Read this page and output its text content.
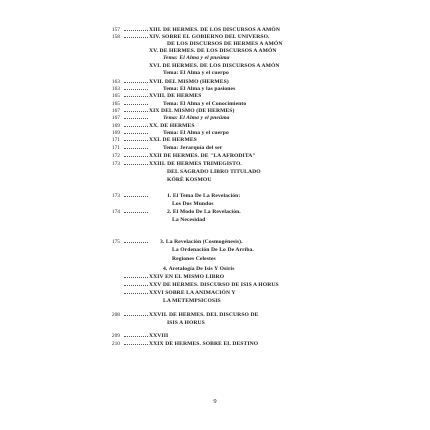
157	XIII. DE HERMES. DE LOS DISCURSOS A AMÓN
158	XIV. SOBRE EL GOBIERNO DEL UNIVERSO.
DE LOS DISCURSOS DE HERMES A AMÓN
XV. DE HERMES. DE LOS DISCURSOS A AMÓN
Tema: El Alma y el pneüma
XVI. DE HERMES. DE LOS DISCURSOS A AMÓN
Tema: El Alma y el cuerpo
163	XVII. DEL MISMO (HERMES)
163	Tema: El Alma y las pasiones
165	XVIII. DE HERMES
165	Tema: El Alma y el Conocimiento
167	XIX DEL MISMO (DE HERMES)
167	Tema: El Alma y el pneüma
169	XX. DE HERMES
169	Tema: El Alma y el cuerpo
171	XXI. DE HERMES
171	Tema: Jerarquía del ser
172	XXII DE HERMES. DE "LA AFRODITA"
173	XXIII. DE HERMES TRIMEGISTO.
DEL SAGRADO LIBRO TITULADO
KÓRÈ KOSMOU
173	1. El Tema De La Revelación:
Los Dos Mundos
174	2. El Modo De La Revelación.
La Necesidad
175	3. La Revelación (Cosmogénesis).
La Ordenación De Lo De Arriba.
Regiones Celestes
4. Aretalogía De Isis Y Osiris
XXIV EN EL MISMO LIBRO
XXV DE HERMES. DISCURSO DE ISIS A HORUS
XXVI SOBRE LA ANIMACIÓN Y
LA METEMPSICOSIS
208	XXVII. DE HERMES. DEL DISCURSO DE
ISIS A HORUS
209	XXVIII
210	XXIX DE HERMES. SOBRE EL DESTINO
9
